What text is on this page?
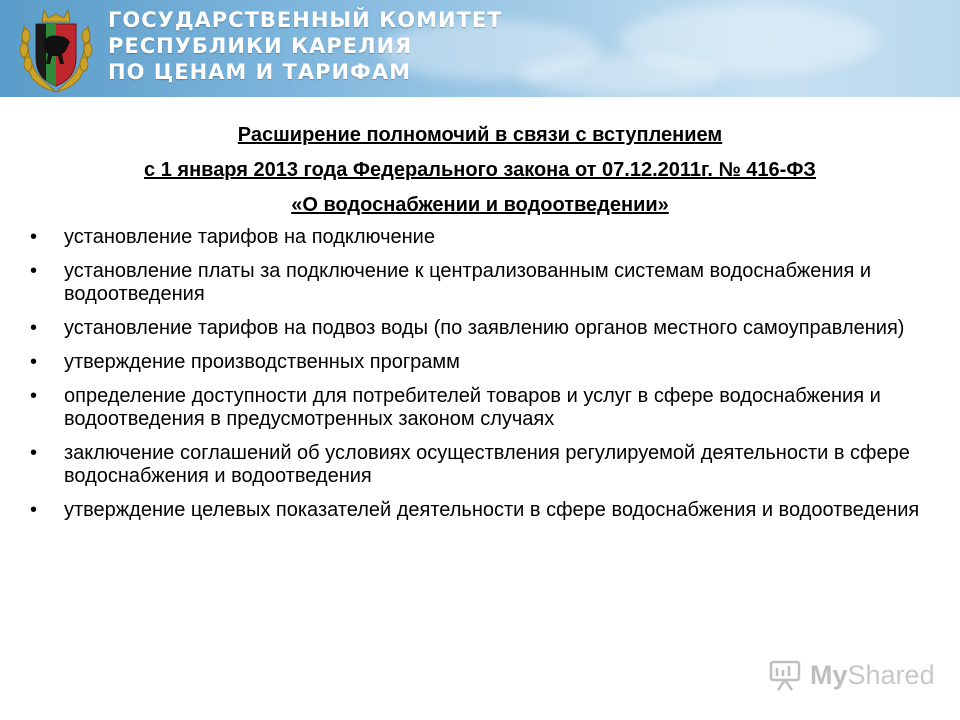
ГОСУДАРСТВЕННЫЙ КОМИТЕТ
РЕСПУБЛИКИ КАРЕЛИЯ
ПО ЦЕНАМ И ТАРИФАМ
Расширение полномочий в связи с вступлением
с 1 января 2013 года Федерального закона от 07.12.2011г. № 416-ФЗ
«О водоснабжении и водоотведении»
• установление тарифов на подключение
• установление платы за подключение к централизованным системам водоснабжения и водоотведения
• установление тарифов на подвоз воды (по заявлению органов местного самоуправления)
• утверждение производственных программ
• определение доступности для потребителей товаров и услуг в сфере водоснабжения и водоотведения в предусмотренных законом случаях
• заключение соглашений об условиях осуществления регулируемой деятельности в сфере водоснабжения и водоотведения
• утверждение целевых показателей деятельности в сфере водоснабжения и водоотведения
MyShared
